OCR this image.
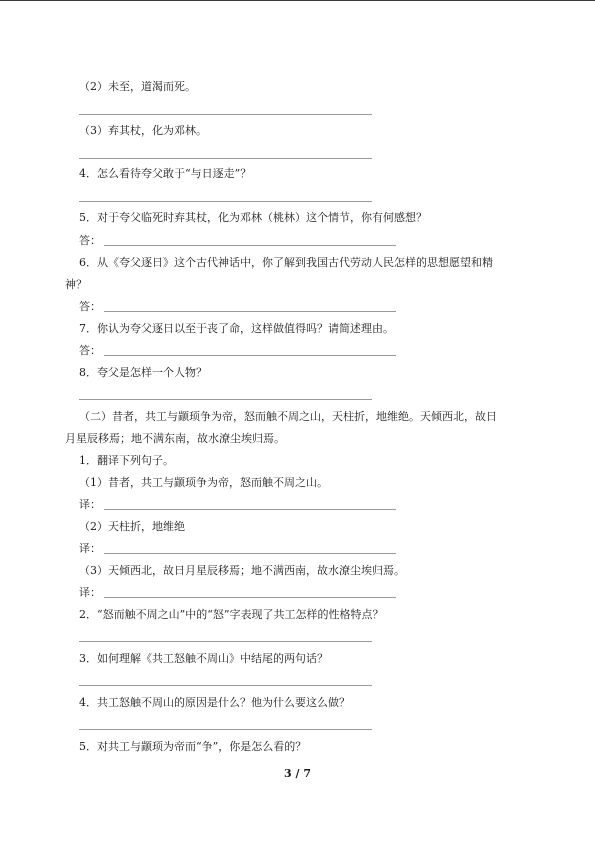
（2）未至，道渴而死。
（3）弃其杖，化为邓林。
4．怎么看待夸父敢于“与日逐走”？
5．对于夸父临死时弃其杖，化为邓林（桃林）这个情节，你有何感想？
答：
6．从《夸父逐日》这个古代神话中，你了解到我国古代劳动人民怎样的思想愿望和精
神？
答：
7．你认为夸父逐日以至于丧了命，这样做值得吗？请简述理由。
答：
8．夸父是怎样一个人物？
（二）昔者，共工与颛顼争为帝，怒而触不周之山，天柱折，地维绝。天倾西北，故日
月星辰移焉；地不满东南，故水潦尘埃归焉。
1．翻译下列句子。
（1）昔者，共工与颛顼争为帝，怒而触不周之山。
译：
（2）天柱折，地维绝
译：
（3）天倾西北，故日月星辰移焉；地不满西南，故水潦尘埃归焉。
译：
2．“怒而触不周之山”中的“怒”字表现了共工怎样的性格特点？
3．如何理解《共工怒触不周山》中结尾的两句话？
4．共工怒触不周山的原因是什么？他为什么要这么做？
5．对共工与颛顼为帝而“争”，你是怎么看的？
3 / 7
